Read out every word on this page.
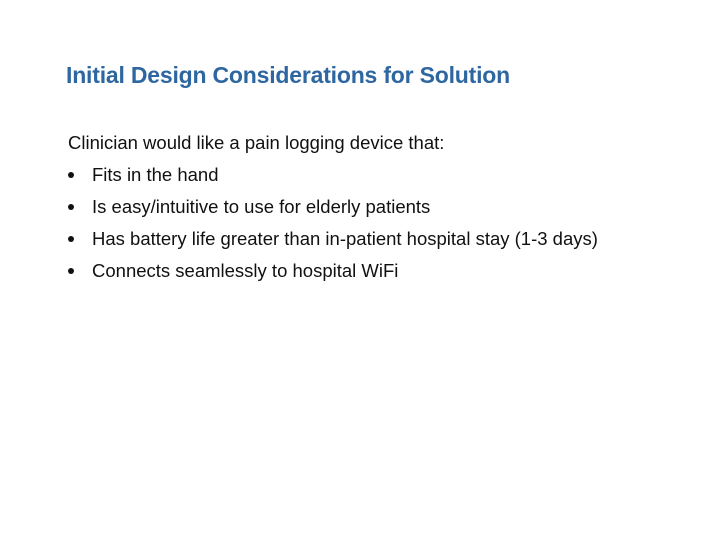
Initial Design Considerations for Solution

Clinician would like a pain logging device that:

Fits in the hand
Is easy/intuitive to use for elderly patients
Has battery life greater than in-patient hospital stay (1-3 days)
Connects seamlessly to hospital WiFi
